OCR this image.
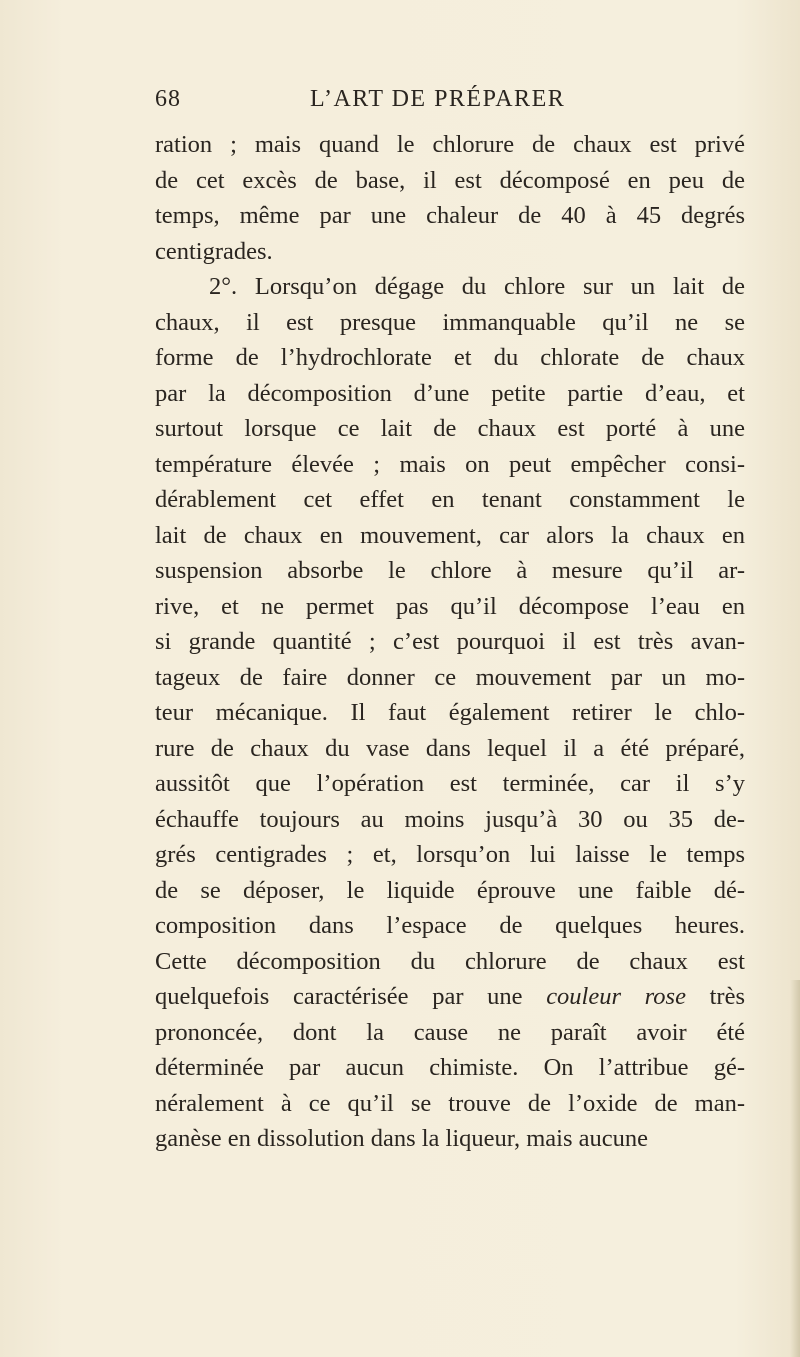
68	L’ART DE PRÉPARER
ration ; mais quand le chlorure de chaux est privé
de cet excès de base, il est décomposé en peu de
temps, même par une chaleur de 40 à 45 degrés
centigrades.
2°. Lorsqu’on dégage du chlore sur un lait de
chaux, il est presque immanquable qu’il ne se
forme de l’hydrochlorate et du chlorate de chaux
par la décomposition d’une petite partie d’eau, et
surtout lorsque ce lait de chaux est porté à une
température élevée ; mais on peut empêcher consi-
dérablement cet effet en tenant constamment le
lait de chaux en mouvement, car alors la chaux en
suspension absorbe le chlore à mesure qu’il ar-
rive, et ne permet pas qu’il décompose l’eau en
si grande quantité ; c’est pourquoi il est très avan-
tageux de faire donner ce mouvement par un mo-
teur mécanique. Il faut également retirer le chlo-
rure de chaux du vase dans lequel il a été préparé,
aussitôt que l’opération est terminée, car il s’y
échauffe toujours au moins jusqu’à 30 ou 35 de-
grés centigrades ; et, lorsqu’on lui laisse le temps
de se déposer, le liquide éprouve une faible dé-
composition dans l’espace de quelques heures.
Cette décomposition du chlorure de chaux est
quelquefois caractérisée par une couleur rose très
prononcée, dont la cause ne paraît avoir été
déterminée par aucun chimiste. On l’attribue gé-
néralement à ce qu’il se trouve de l’oxide de man-
ganèse en dissolution dans la liqueur, mais aucune
